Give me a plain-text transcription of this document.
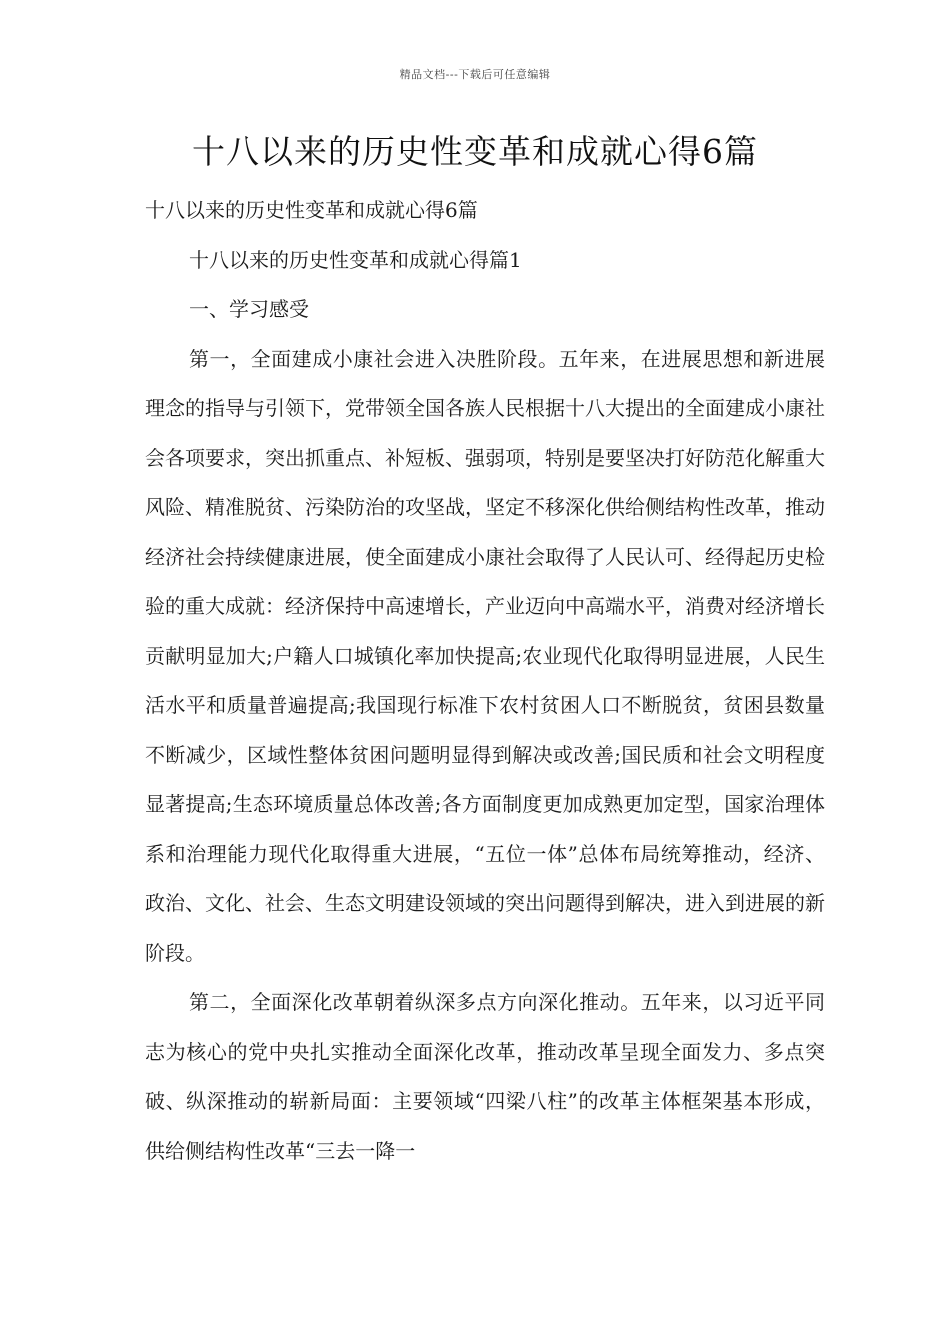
精品文档---下载后可任意编辑
十八以来的历史性变革和成就心得6篇

十八以来的历史性变革和成就心得6篇

十八以来的历史性变革和成就心得篇1

一、学习感受

第一，全面建成小康社会进入决胜阶段。五年来，在进展思想和新进展理念的指导与引领下，党带领全国各族人民根据十八大提出的全面建成小康社会各项要求，突出抓重点、补短板、强弱项，特别是要坚决打好防范化解重大风险、精准脱贫、污染防治的攻坚战，坚定不移深化供给侧结构性改革，推动经济社会持续健康进展，使全面建成小康社会取得了人民认可、经得起历史检验的重大成就：经济保持中高速增长，产业迈向中高端水平，消费对经济增长贡献明显加大;户籍人口城镇化率加快提高;农业现代化取得明显进展，人民生活水平和质量普遍提高;我国现行标准下农村贫困人口不断脱贫，贫困县数量不断减少，区域性整体贫困问题明显得到解决或改善;国民质和社会文明程度显著提高;生态环境质量总体改善;各方面制度更加成熟更加定型，国家治理体系和治理能力现代化取得重大进展，“五位一体”总体布局统筹推动，经济、政治、文化、社会、生态文明建设领域的突出问题得到解决，进入到进展的新阶段。

第二，全面深化改革朝着纵深多点方向深化推动。五年来，以习近平同志为核心的党中央扎实推动全面深化改革，推动改革呈现全面发力、多点突破、纵深推动的崭新局面：主要领域“四梁八柱”的改革主体框架基本形成，供给侧结构性改革“三去一降一
